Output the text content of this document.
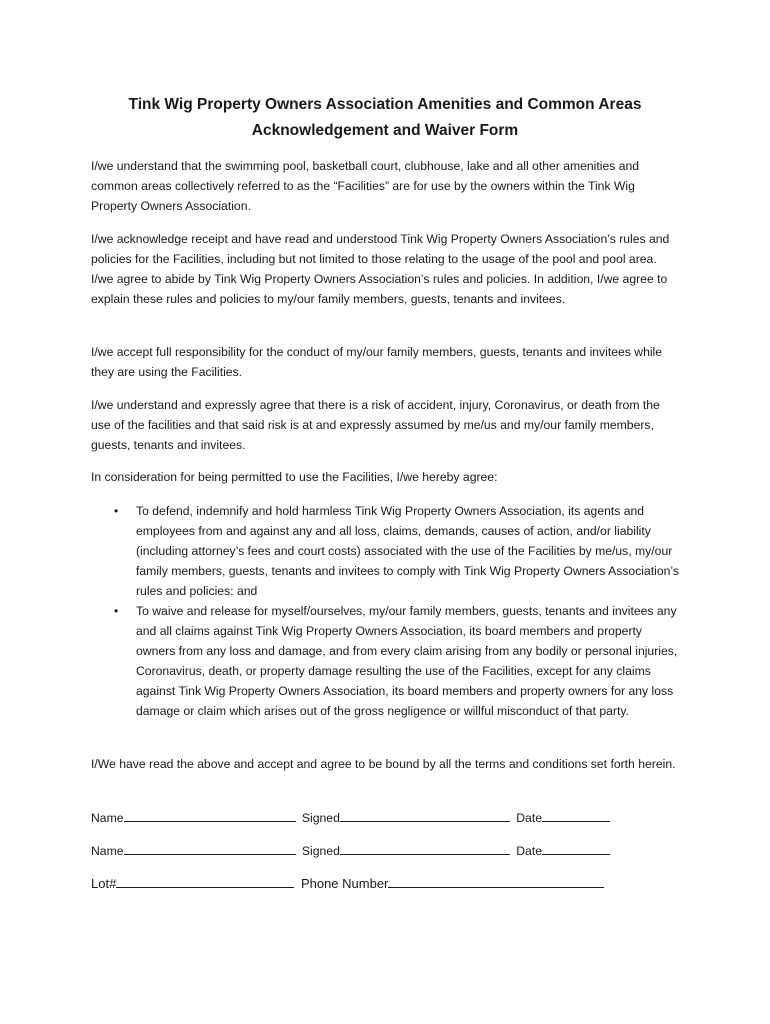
Tink Wig Property Owners Association Amenities and Common Areas
Acknowledgement and Waiver Form

I/we understand that the swimming pool, basketball court, clubhouse, lake and all other amenities and common areas collectively referred to as the “Facilities” are for use by the owners within the Tink Wig Property Owners Association.

I/we acknowledge receipt and have read and understood Tink Wig Property Owners Association’s rules and policies for the Facilities, including but not limited to those relating to the usage of the pool and pool area. I/we agree to abide by Tink Wig Property Owners Association’s rules and policies. In addition, I/we agree to explain these rules and policies to my/our family members, guests, tenants and invitees.

I/we accept full responsibility for the conduct of my/our family members, guests, tenants and invitees while they are using the Facilities.

I/we understand and expressly agree that there is a risk of accident, injury, Coronavirus, or death from the use of the facilities and that said risk is at and expressly assumed by me/us and my/our family members, guests, tenants and invitees.

In consideration for being permitted to use the Facilities, I/we hereby agree:

• To defend, indemnify and hold harmless Tink Wig Property Owners Association, its agents and employees from and against any and all loss, claims, demands, causes of action, and/or liability (including attorney’s fees and court costs) associated with the use of the Facilities by me/us, my/our family members, guests, tenants and invitees to comply with Tink Wig Property Owners Association’s rules and policies: and
• To waive and release for myself/ourselves, my/our family members, guests, tenants and invitees any and all claims against Tink Wig Property Owners Association, its board members and property owners from any loss and damage, and from every claim arising from any bodily or personal injuries, Coronavirus, death, or property damage resulting the use of the Facilities, except for any claims against Tink Wig Property Owners Association, its board members and property owners for any loss damage or claim which arises out of the gross negligence or willful misconduct of that party.

I/We have read the above and accept and agree to be bound by all the terms and conditions set forth herein.

Name	Signed	Date
Name	Signed	Date
Lot#	Phone Number
